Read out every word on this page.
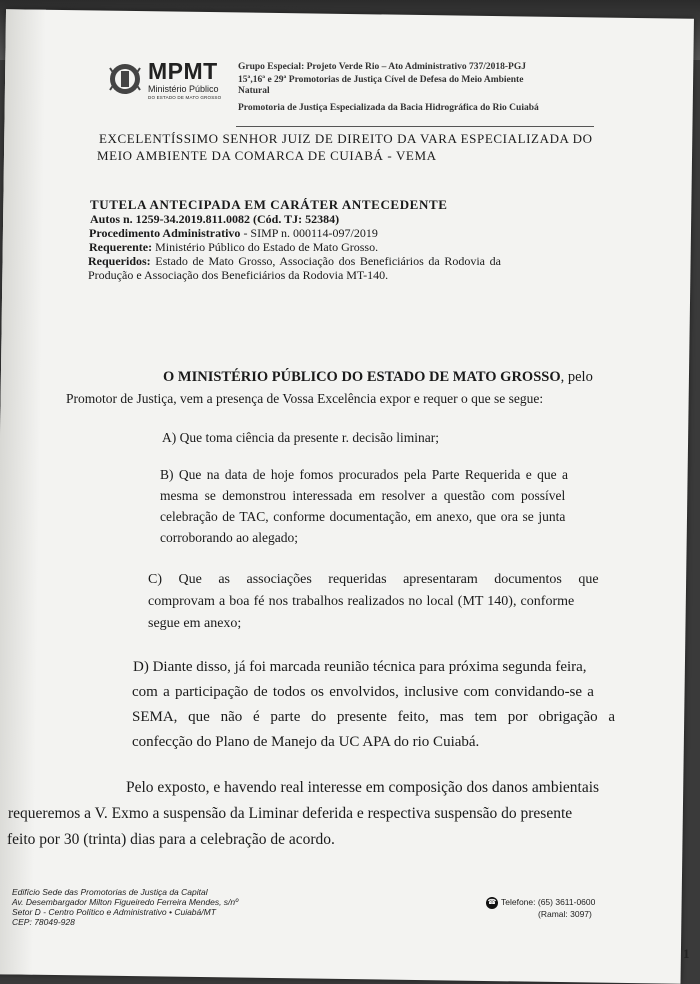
MPMT
Ministério Público
DO ESTADO DE MATO GROSSO
Grupo Especial: Projeto Verde Rio – Ato Administrativo 737/2018-PGJ
15ª,16ª e 29ª Promotorias de Justiça Cível de Defesa do Meio Ambiente
Natural
Promotoria de Justiça Especializada da Bacia Hidrográfica do Rio Cuiabá
EXCELENTÍSSIMO SENHOR JUIZ DE DIREITO DA VARA ESPECIALIZADA DO
MEIO AMBIENTE DA COMARCA DE CUIABÁ - VEMA
TUTELA ANTECIPADA EM CARÁTER ANTECEDENTE
Autos n. 1259-34.2019.811.0082 (Cód. TJ: 52384)
Procedimento Administrativo - SIMP n. 000114-097/2019
Requerente: Ministério Público do Estado de Mato Grosso.
Requeridos: Estado de Mato Grosso, Associação dos Beneficiários da Rodovia da
Produção e Associação dos Beneficiários da Rodovia MT-140.
O MINISTÉRIO PÚBLICO DO ESTADO DE MATO GROSSO, pelo
Promotor de Justiça, vem a presença de Vossa Excelência expor e requer o que se segue:
A) Que toma ciência da presente r. decisão liminar;
B) Que na data de hoje fomos procurados pela Parte Requerida e que a
mesma se demonstrou interessada em resolver a questão com possível
celebração de TAC, conforme documentação, em anexo, que ora se junta
corroborando ao alegado;
C) Que as associações requeridas apresentaram documentos que
comprovam a boa fé nos trabalhos realizados no local (MT 140), conforme
segue em anexo;
D) Diante disso, já foi marcada reunião técnica para próxima segunda feira,
com a participação de todos os envolvidos, inclusive com convidando-se a
SEMA, que não é parte do presente feito, mas tem por obrigação a
confecção do Plano de Manejo da UC APA do rio Cuiabá.
Pelo exposto, e havendo real interesse em composição dos danos ambientais
requeremos a V. Exmo a suspensão da Liminar deferida e respectiva suspensão do presente
feito por 30 (trinta) dias para a celebração de acordo.
Edifício Sede das Promotorias de Justiça da Capital
Av. Desembargador Milton Figueiredo Ferreira Mendes, s/nº
Setor D - Centro Político e Administrativo • Cuiabá/MT
CEP: 78049-928
☎ Telefone: (65) 3611-0600
(Ramal: 3097)
1
